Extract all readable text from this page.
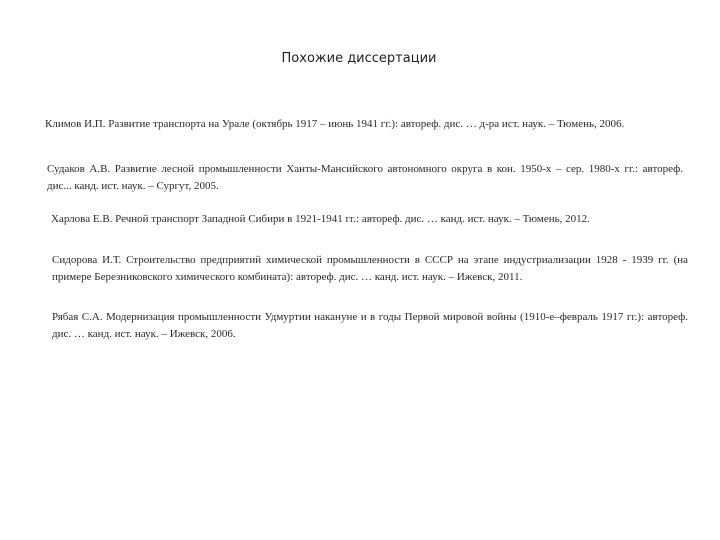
Похожие диссертации

Климов И.П. Развитие транспорта на Урале (октябрь 1917 – июнь 1941 гг.): автореф. дис. … д-ра ист. наук. – Тюмень, 2006.

Судаков А.В. Развитие лесной промышленности Ханты-Мансийского автономного округа в кон. 1950-х – сер. 1980-х гг.: автореф. дис... канд. ист. наук. – Сургут, 2005.

Харлова Е.В. Речной транспорт Западной Сибири в 1921-1941 гг.: автореф. дис. … канд. ист. наук. – Тюмень, 2012.

Сидорова И.Т. Строительство предприятий химической промышленности в СССР на этапе индустриализации 1928 - 1939 гг. (на примере Березниковского химического комбината): автореф. дис. … канд. ист. наук. – Ижевск, 2011.

Рябая С.А. Модернизация промышленности Удмуртии накануне и в годы Первой мировой войны (1910-е–февраль 1917 гг.): автореф. дис. … канд. ист. наук. – Ижевск, 2006.
